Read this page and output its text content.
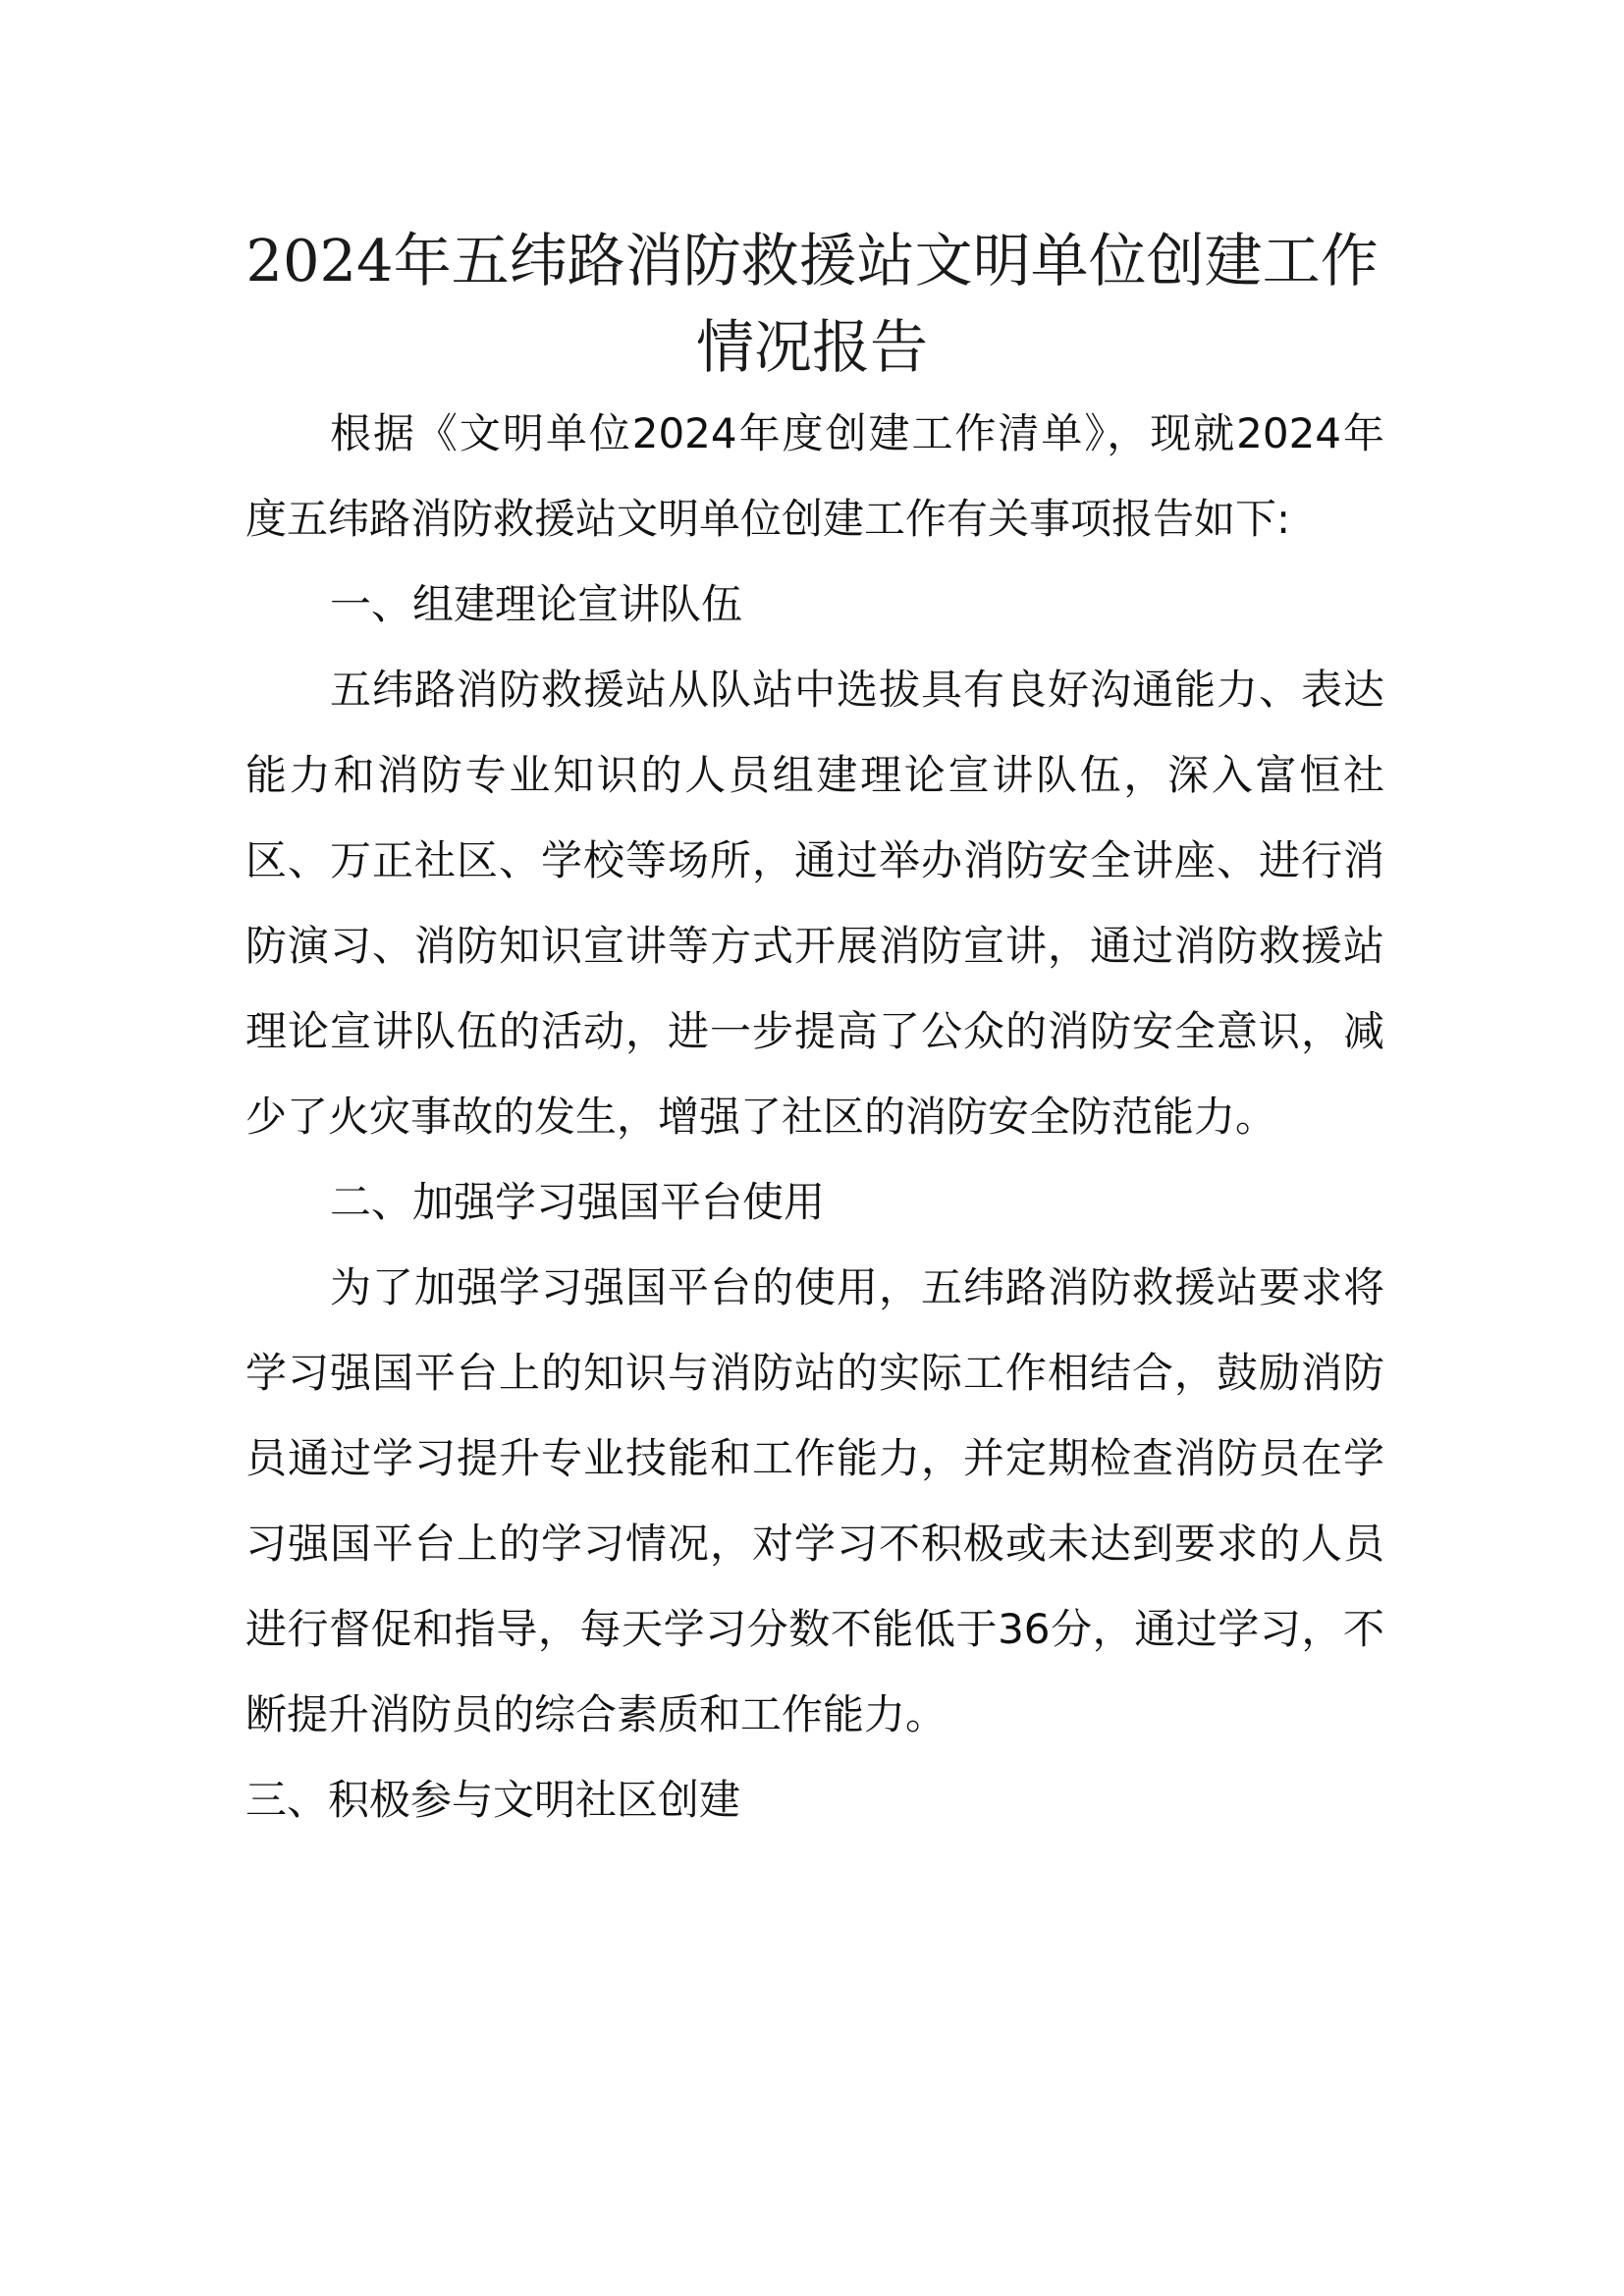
2024年五纬路消防救援站文明单位创建工作情况报告

根据《文明单位2024年度创建工作清单》，现就2024年度五纬路消防救援站文明单位创建工作有关事项报告如下:

一、组建理论宣讲队伍

五纬路消防救援站从队站中选拔具有良好沟通能力、表达能力和消防专业知识的人员组建理论宣讲队伍，深入富恒社区、万正社区、学校等场所，通过举办消防安全讲座、进行消防演习、消防知识宣讲等方式开展消防宣讲，通过消防救援站理论宣讲队伍的活动，进一步提高了公众的消防安全意识，减少了火灾事故的发生，增强了社区的消防安全防范能力。

二、加强学习强国平台使用

为了加强学习强国平台的使用，五纬路消防救援站要求将学习强国平台上的知识与消防站的实际工作相结合，鼓励消防员通过学习提升专业技能和工作能力，并定期检查消防员在学习强国平台上的学习情况，对学习不积极或未达到要求的人员进行督促和指导，每天学习分数不能低于36分，通过学习，不断提升消防员的综合素质和工作能力。

三、积极参与文明社区创建
